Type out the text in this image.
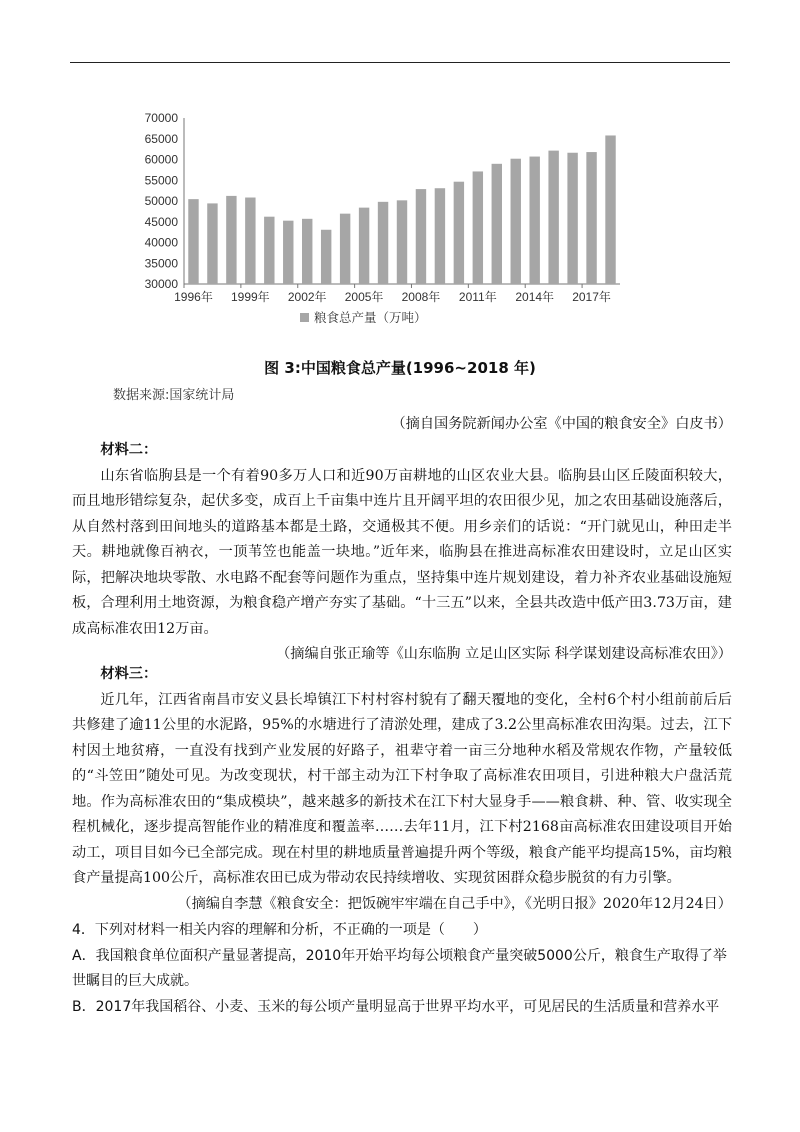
30000
35000
40000
45000
50000
55000
60000
65000
70000
1996年 1999年 2002年 2005年 2008年 2011年 2014年 2017年
粮食总产量（万吨）
图 3:中国粮食总产量(1996~2018 年)
数据来源:国家统计局
（摘自国务院新闻办公室《中国的粮食安全》白皮书）
材料二：
山东省临朐县是一个有着90多万人口和近90万亩耕地的山区农业大县。临朐县山区丘陵面积较大，而且地形错综复杂，起伏多变，成百上千亩集中连片且开阔平坦的农田很少见，加之农田基础设施落后，从自然村落到田间地头的道路基本都是土路，交通极其不便。用乡亲们的话说：“开门就见山，种田走半天。耕地就像百衲衣，一顶苇笠也能盖一块地。”近年来，临朐县在推进高标准农田建设时，立足山区实际，把解决地块零散、水电路不配套等问题作为重点，坚持集中连片规划建设，着力补齐农业基础设施短板，合理利用土地资源，为粮食稳产增产夯实了基础。“十三五”以来，全县共改造中低产田3.73万亩，建成高标准农田12万亩。
（摘编自张正瑜等《山东临朐 立足山区实际 科学谋划建设高标准农田》）
材料三：
近几年，江西省南昌市安义县长埠镇江下村村容村貌有了翻天覆地的变化，全村6个村小组前前后后共修建了逾11公里的水泥路，95%的水塘进行了清淤处理，建成了3.2公里高标准农田沟渠。过去，江下村因土地贫瘠，一直没有找到产业发展的好路子，祖辈守着一亩三分地种水稻及常规农作物，产量较低的“斗笠田”随处可见。为改变现状，村干部主动为江下村争取了高标准农田项目，引进种粮大户盘活荒地。作为高标准农田的“集成模块”，越来越多的新技术在江下村大显身手——粮食耕、种、管、收实现全程机械化，逐步提高智能作业的精准度和覆盖率……去年11月，江下村2168亩高标准农田建设项目开始动工，项目目如今已全部完成。现在村里的耕地质量普遍提升两个等级，粮食产能平均提高15%，亩均粮食产量提高100公斤，高标准农田已成为带动农民持续增收、实现贫困群众稳步脱贫的有力引擎。
（摘编自李慧《粮食安全：把饭碗牢牢端在自己手中》，《光明日报》2020年12月24日）
4．下列对材料一相关内容的理解和分析，不正确的一项是（　　）
A．我国粮食单位面积产量显著提高，2010年开始平均每公顷粮食产量突破5000公斤，粮食生产取得了举世瞩目的巨大成就。
B．2017年我国稻谷、小麦、玉米的每公顷产量明显高于世界平均水平，可见居民的生活质量和营养水平
